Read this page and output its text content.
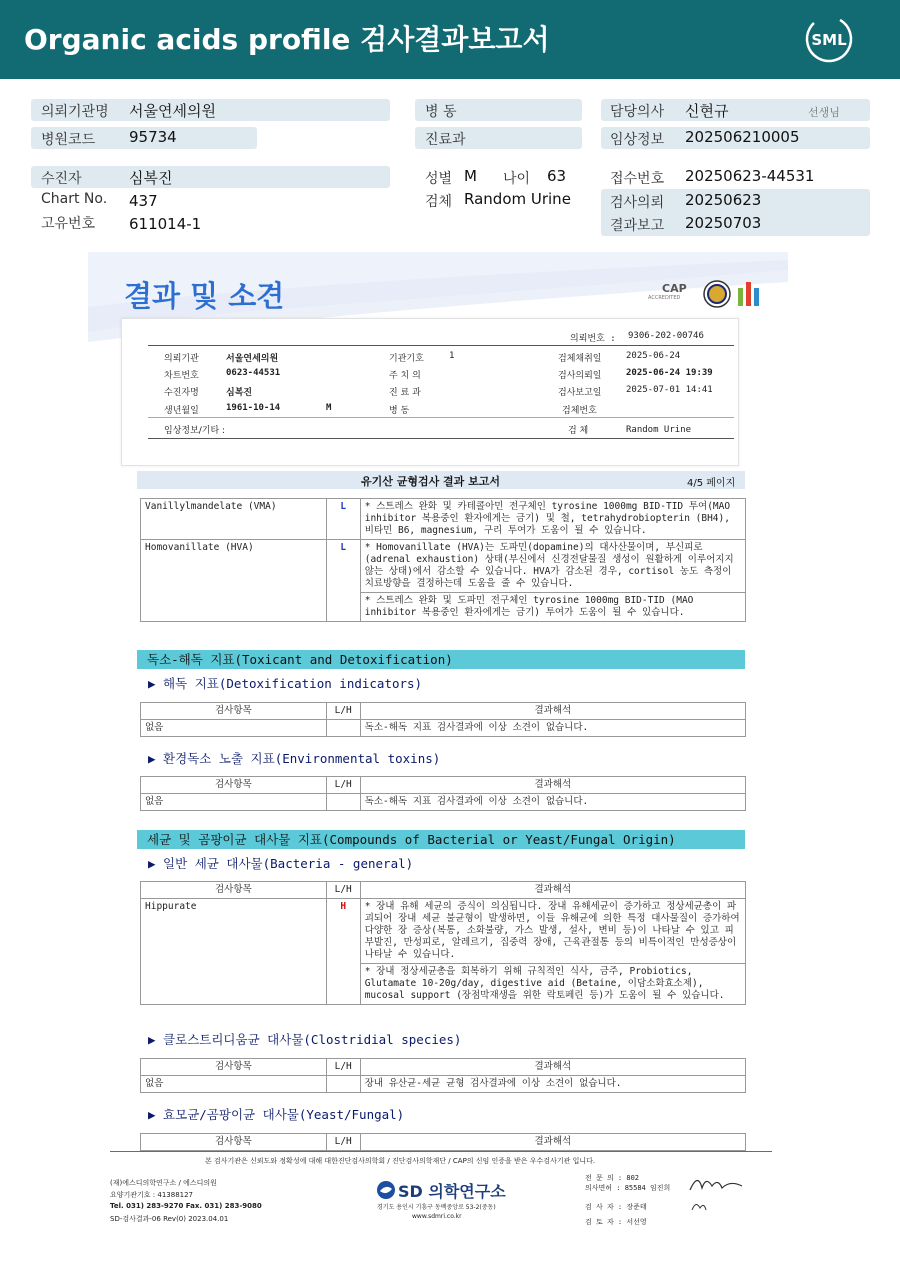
Organic acids profile 검사결과보고서	SML
의뢰기관명 서울연세의원
병원코드 95734
병 동
진료과
담당의사 신현규	선생님
임상정보 202506210005
수진자	심복진
Chart No. 437
고유번호 611014-1
성별 M 나이 63
검체 Random Urine
접수번호 20250623-44531
검사의뢰 20250623
결과보고 20250703
결과 및 소견	CAP
ACCREDITED
의뢰번호 : 9306-202-00746
의뢰기관	서울연세의원	기관기호	1	검체채취일	2025-06-24
차트번호	0623-44531	주 치 의	검사의뢰일	2025-06-24 19:39
수진자명	심복진	진 료 과	검사보고일	2025-07-01 14:41
생년월일	1961-10-14	M	병 동	검체번호
임상정보/기타 :	검 체	Random Urine
유기산 균형검사 결과 보고서	4/5 페이지
Vanillylmandelate (VMA)	L	* 스트레스 완화 및 카테콜아민 전구체인 tyrosine 1000mg BID-TID 투여(MAO inhibitor 복용중인 환자에게는 금기) 및 철, tetrahydrobiopterin (BH4), 비타민 B6, magnesium, 구리 투여가 도움이 될 수 있습니다.
Homovanillate (HVA)	L	* Homovanillate (HVA)는 도파민(dopamine)의 대사산물이며, 부신피로(adrenal exhaustion) 상태(부신에서 신경전달물질 생성이 원활하게 이루어지지 않는 상태)에서 감소할 수 있습니다. HVA가 감소된 경우, cortisol 농도 측정이 치료방향을 결정하는데 도움을 줄 수 있습니다.
		* 스트레스 완화 및 도파민 전구체인 tyrosine 1000mg BID-TID (MAO inhibitor 복용중인 환자에게는 금기) 투여가 도움이 될 수 있습니다.
독소-해독 지표(Toxicant and Detoxification)
▶ 해독 지표(Detoxification indicators)
검사항목	L/H	결과해석
없음		독소-해독 지표 검사결과에 이상 소견이 없습니다.
▶ 환경독소 노출 지표(Environmental toxins)
검사항목	L/H	결과해석
없음		독소-해독 지표 검사결과에 이상 소견이 없습니다.
세균 및 곰팡이균 대사물 지표(Compounds of Bacterial or Yeast/Fungal Origin)
▶ 일반 세균 대사물(Bacteria - general)
검사항목	L/H	결과해석
Hippurate	H	* 장내 유해 세균의 증식이 의심됩니다. 장내 유해세균이 증가하고 정상세균총이 파괴되어 장내 세균 불균형이 발생하면, 이들 유해균에 의한 특정 대사물질이 증가하여 다양한 장 증상(복통, 소화불량, 가스 발생, 설사, 변비 등)이 나타날 수 있고 피부발진, 만성피로, 알레르기, 집중력 장애, 근육관절통 등의 비특이적인 만성증상이 나타날 수 있습니다.
		* 장내 정상세균총을 회복하기 위해 규칙적인 식사, 금주, Probiotics, Glutamate 10-20g/day, digestive aid (Betaine, 이담소화효소제), mucosal support (장점막재생을 위한 락토페린 등)가 도움이 될 수 있습니다.
▶ 클로스트리디움균 대사물(Clostridial species)
검사항목	L/H	결과해석
없음		장내 유산균-세균 균형 검사결과에 이상 소견이 없습니다.
▶ 효모균/곰팡이균 대사물(Yeast/Fungal)
검사항목	L/H	결과해석
본 검사기관은 신뢰도와 정확성에 대해 대한진단검사의학회 / 진단검사의학재단 / CAP의 신임 인증을 받은 우수검사기관 입니다.
(재)에스디의학연구소 / 에스디의원
요양기관기호 : 41388127
Tel. 031) 283-9270 Fax. 031) 283-9080
SD-검사결과-06 Rev(0) 2023.04.01
SD 의학연구소
경기도 용인시 기흥구 동백중앙로 53-2(중동)
www.sdmri.co.kr
전 문 의 : 802
의사면허 : 85584 임진희
검 사 자 : 장준태
검 토 자 : 서선영
